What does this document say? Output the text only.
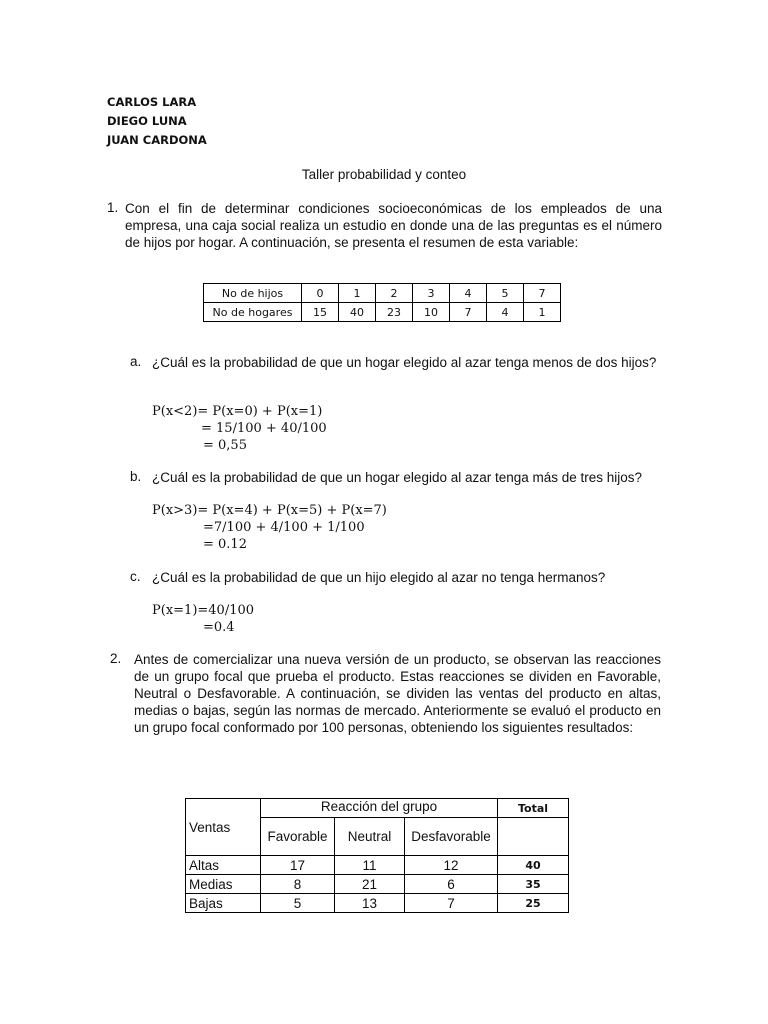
CARLOS LARA
DIEGO LUNA
JUAN CARDONA
Taller probabilidad y conteo
1. Con el fin de determinar condiciones socioeconómicas de los empleados de una empresa, una caja social realiza un estudio en donde una de las preguntas es el número de hijos por hogar. A continuación, se presenta el resumen de esta variable:
No de hijos	0	1	2	3	4	5	7
No de hogares	15	40	23	10	7	4	1
a. ¿Cuál es la probabilidad de que un hogar elegido al azar tenga menos de dos hijos?
P(x<2)= P(x=0) + P(x=1)
= 15/100 + 40/100
= 0,55
b. ¿Cuál es la probabilidad de que un hogar elegido al azar tenga más de tres hijos?
P(x>3)= P(x=4) + P(x=5) + P(x=7)
=7/100 + 4/100 + 1/100
= 0.12
c. ¿Cuál es la probabilidad de que un hijo elegido al azar no tenga hermanos?
P(x=1)=40/100
=0.4
2. Antes de comercializar una nueva versión de un producto, se observan las reacciones de un grupo focal que prueba el producto. Estas reacciones se dividen en Favorable, Neutral o Desfavorable. A continuación, se dividen las ventas del producto en altas, medias o bajas, según las normas de mercado. Anteriormente se evaluó el producto en un grupo focal conformado por 100 personas, obteniendo los siguientes resultados:
Ventas	Reacción del grupo			Total
	Favorable	Neutral	Desfavorable	
Altas	17	11	12	40
Medias	8	21	6	35
Bajas	5	13	7	25
